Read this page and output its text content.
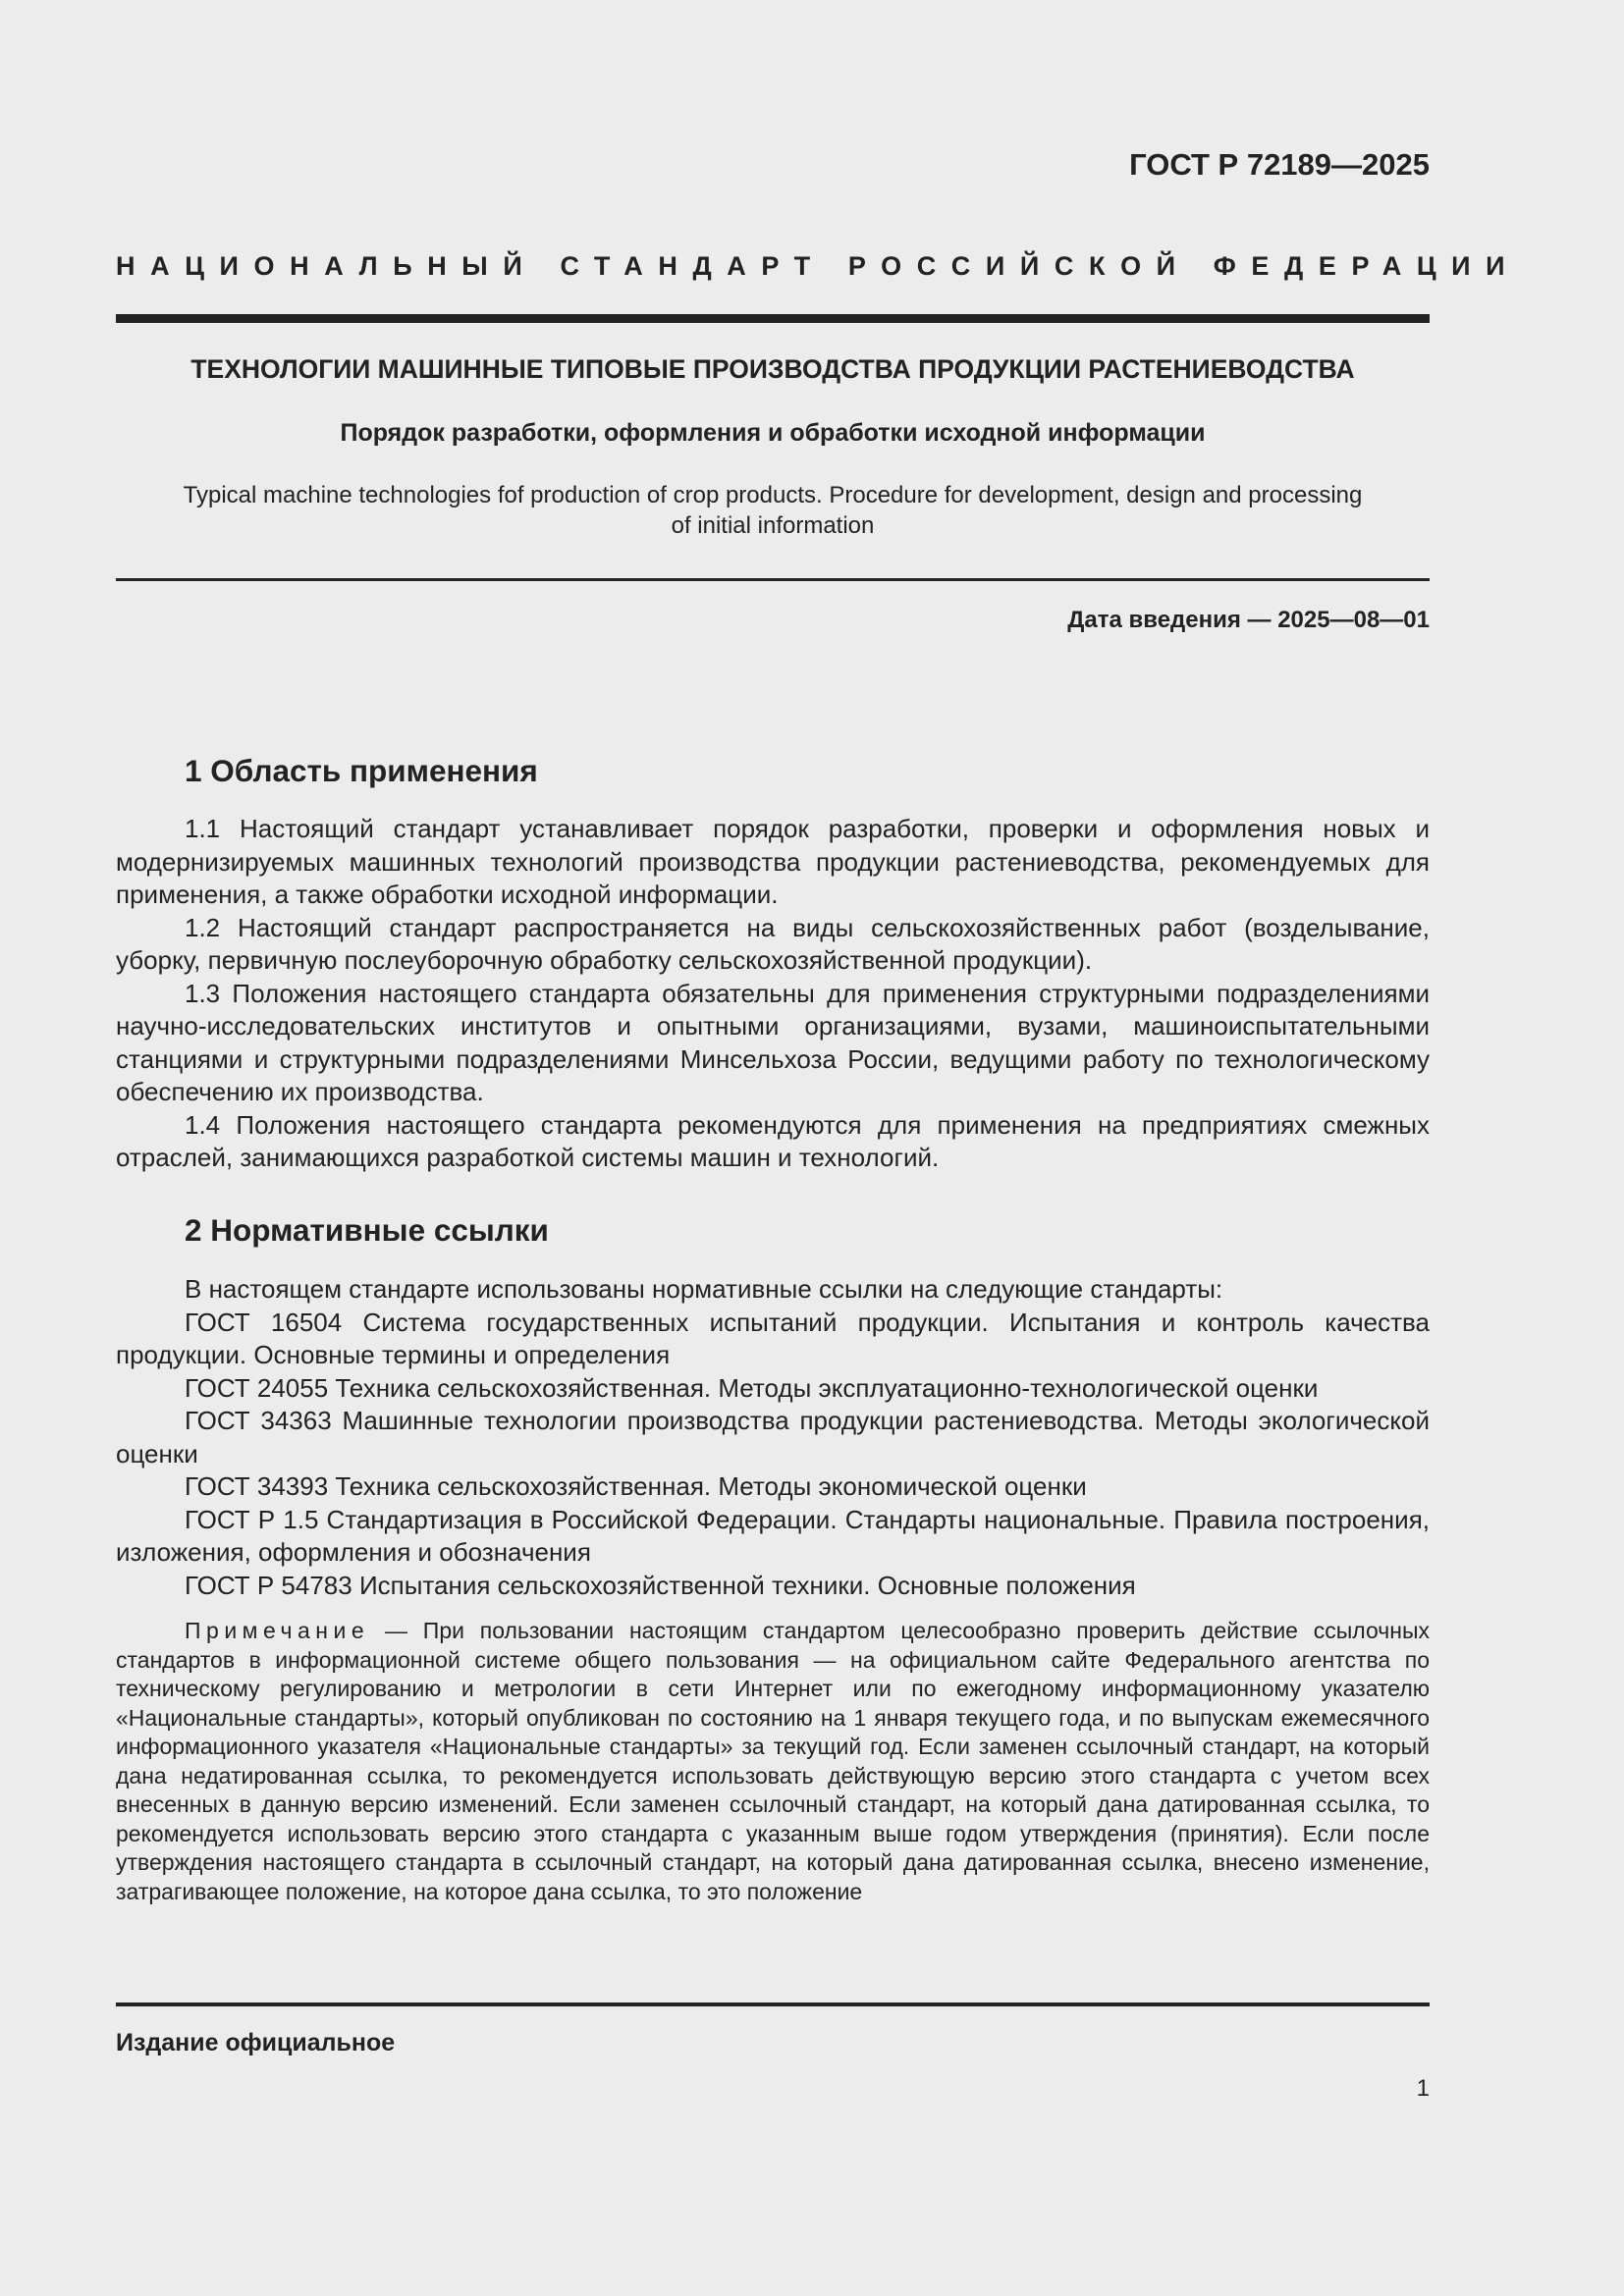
ГОСТ Р 72189—2025
НАЦИОНАЛЬНЫЙ СТАНДАРТ РОССИЙСКОЙ ФЕДЕРАЦИИ
ТЕХНОЛОГИИ МАШИННЫЕ ТИПОВЫЕ ПРОИЗВОДСТВА ПРОДУКЦИИ РАСТЕНИЕВОДСТВА
Порядок разработки, оформления и обработки исходной информации
Typical machine technologies fof production of crop products. Procedure for development, design and processing
of initial information
Дата введения — 2025—08—01
1 Область применения

1.1 Настоящий стандарт устанавливает порядок разработки, проверки и оформления новых и модернизируемых машинных технологий производства продукции растениеводства, рекомендуемых для применения, а также обработки исходной информации.

1.2 Настоящий стандарт распространяется на виды сельскохозяйственных работ (возделывание, уборку, первичную послеуборочную обработку сельскохозяйственной продукции).

1.3 Положения настоящего стандарта обязательны для применения структурными подразделениями научно-исследовательских институтов и опытными организациями, вузами, машиноиспытательными станциями и структурными подразделениями Минсельхоза России, ведущими работу по технологическому обеспечению их производства.

1.4 Положения настоящего стандарта рекомендуются для применения на предприятиях смежных отраслей, занимающихся разработкой системы машин и технологий.

2 Нормативные ссылки

В настоящем стандарте использованы нормативные ссылки на следующие стандарты:

ГОСТ 16504 Система государственных испытаний продукции. Испытания и контроль качества продукции. Основные термины и определения

ГОСТ 24055 Техника сельскохозяйственная. Методы эксплуатационно-технологической оценки

ГОСТ 34363 Машинные технологии производства продукции растениеводства. Методы экологической оценки

ГОСТ 34393 Техника сельскохозяйственная. Методы экономической оценки

ГОСТ Р 1.5 Стандартизация в Российской Федерации. Стандарты национальные. Правила построения, изложения, оформления и обозначения

ГОСТ Р 54783 Испытания сельскохозяйственной техники. Основные положения

Примечание — При пользовании настоящим стандартом целесообразно проверить действие ссылочных стандартов в информационной системе общего пользования — на официальном сайте Федерального агентства по техническому регулированию и метрологии в сети Интернет или по ежегодному информационному указателю «Национальные стандарты», который опубликован по состоянию на 1 января текущего года, и по выпускам ежемесячного информационного указателя «Национальные стандарты» за текущий год. Если заменен ссылочный стандарт, на который дана недатированная ссылка, то рекомендуется использовать действующую версию этого стандарта с учетом всех внесенных в данную версию изменений. Если заменен ссылочный стандарт, на который дана датированная ссылка, то рекомендуется использовать версию этого стандарта с указанным выше годом утверждения (принятия). Если после утверждения настоящего стандарта в ссылочный стандарт, на который дана датированная ссылка, внесено изменение, затрагивающее положение, на которое дана ссылка, то это положение

Издание официальное
1
